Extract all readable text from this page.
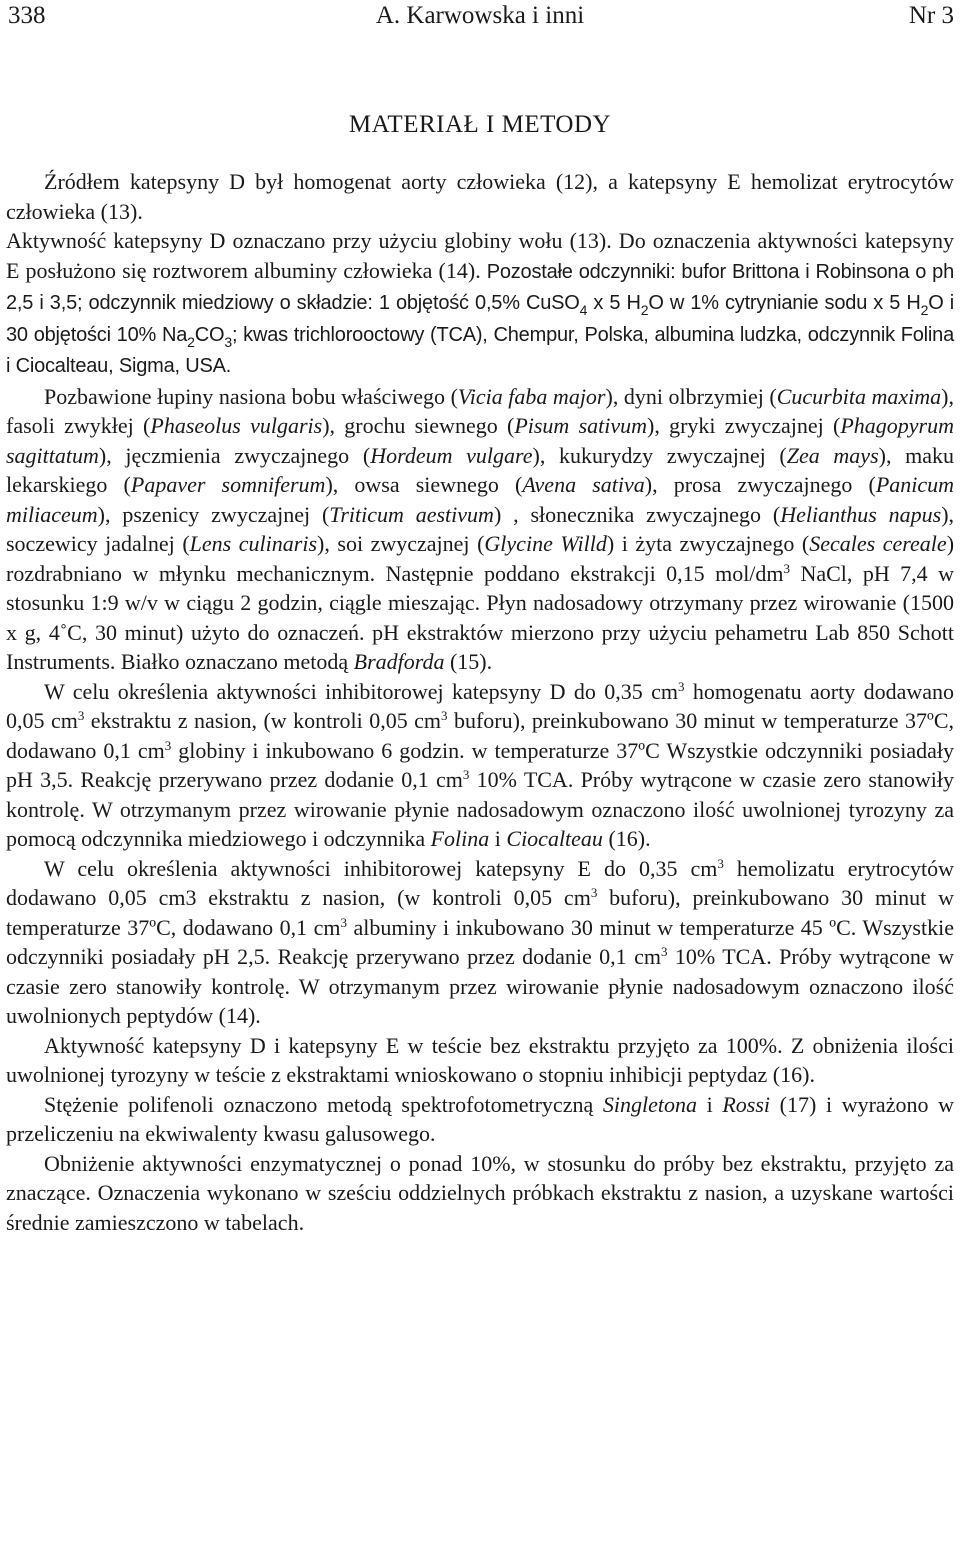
338	A. Karwowska i inni	Nr 3
MATERIAŁ I METODY

Źródłem katepsyny D był homogenat aorty człowieka (12), a katepsyny E hemolizat erytrocytów człowieka (13).

Aktywność katepsyny D oznaczano przy użyciu globiny wołu (13). Do oznaczenia aktywności katepsyny E posłużono się roztworem albuminy człowieka (14). Pozostałe odczynniki: bufor Brittona i Robinsona o ph 2,5 i 3,5; odczynnik miedziowy o składzie: 1 objętość 0,5% CuSO$_4$ x 5 $H_2O$ w 1% cytrynianie sodu x 5 $H_2O$ i 30 objętości 10% $Na_2CO_3$; kwas trichlorooctowy (TCA), Chempur, Polska, albumina ludzka, odczynnik Folina i Ciocalteau, Sigma, USA.

Pozbawione łupiny nasiona bobu właściwego (Vicia faba major), dyni olbrzymiej (Cucurbita maxima), fasoli zwykłej (Phaseolus vulgaris), grochu siewnego (Pisum sativum), gryki zwyczajnej (Phagopyrum sagittatum), jęczmienia zwyczajnego (Hordeum vulgare), kukurydzy zwyczajnej (Zea mays), maku lekarskiego (Papaver somniferum), owsa siewnego (Avena sativa), prosa zwyczajnego (Panicum miliaceum), pszenicy zwyczajnej (Triticum aestivum) , słonecznika zwyczajnego (Helianthus napus), soczewicy jadalnej (Lens culinaris), soi zwyczajnej (Glycine Willd) i żyta zwyczajnego (Secales cereale) rozdrabniano w młynku mechanicznym. Następnie poddano ekstrakcji 0,15 mol/$dm^3$ NaCl, pH 7,4 w stosunku 1:9 w/v w ciągu 2 godzin, ciągle mieszając. Płyn nadosadowy otrzymany przez wirowanie (1500 x g, 4˚C, 30 minut) użyto do oznaczeń. pH ekstraktów mierzono przy użyciu pehametru Lab 850 Schott Instruments. Białko oznaczano metodą Bradforda (15).

W celu określenia aktywności inhibitorowej katepsyny D do 0,35 $cm^3$ homogenatu aorty dodawano 0,05 $cm^3$ ekstraktu z nasion, (w kontroli 0,05 $cm^3$ buforu), preinkubowano 30 minut w temperaturze 37ºC, dodawano 0,1 $cm^3$ globiny i inkubowano 6 godzin. w temperaturze 37ºC Wszystkie odczynniki posiadały pH 3,5. Reakcję przerywano przez dodanie 0,1 $cm^3$ 10% TCA. Próby wytrącone w czasie zero stanowiły kontrolę. W otrzymanym przez wirowanie płynie nadosadowym oznaczono ilość uwolnionej tyrozyny za pomocą odczynnika miedziowego i odczynnika Folina i Ciocalteau (16).

W celu określenia aktywności inhibitorowej katepsyny E do 0,35 $cm^3$ hemolizatu erytrocytów dodawano 0,05 cm3 ekstraktu z nasion, (w kontroli 0,05 $cm^3$ buforu), preinkubowano 30 minut w temperaturze 37ºC, dodawano 0,1 $cm^3$ albuminy i inkubowano 30 minut w temperaturze 45 ºC. Wszystkie odczynniki posiadały pH 2,5. Reakcję przerywano przez dodanie 0,1 $cm^3$ 10% TCA. Próby wytrącone w czasie zero stanowiły kontrolę. W otrzymanym przez wirowanie płynie nadosadowym oznaczono ilość uwolnionych peptydów (14).

Aktywność katepsyny D i katepsyny E w teście bez ekstraktu przyjęto za 100%. Z obniżenia ilości uwolnionej tyrozyny w teście z ekstraktami wnioskowano o stopniu inhibicji peptydaz (16).

Stężenie polifenoli oznaczono metodą spektrofotometryczną Singletona i Rossi (17) i wyrażono w przeliczeniu na ekwiwalenty kwasu galusowego.

Obniżenie aktywności enzymatycznej o ponad 10%, w stosunku do próby bez ekstraktu, przyjęto za znaczące. Oznaczenia wykonano w sześciu oddzielnych próbkach ekstraktu z nasion, a uzyskane wartości średnie zamieszczono w tabelach.
